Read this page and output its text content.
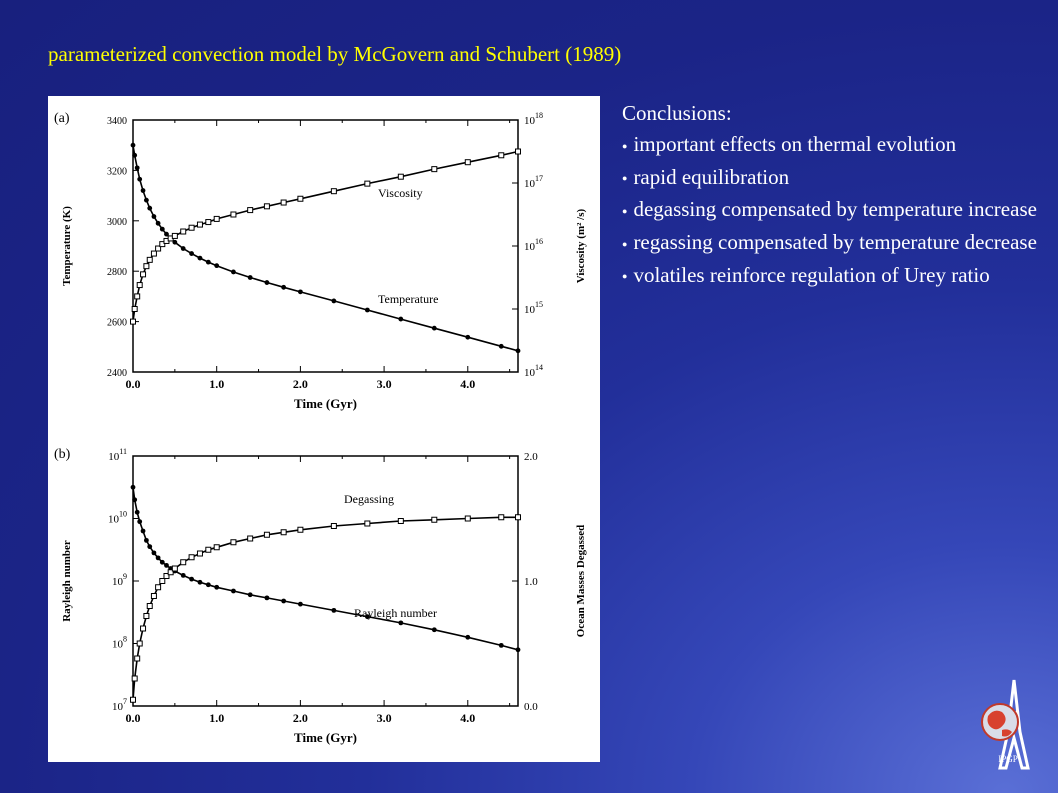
parameterized convection model by McGovern and Schubert (1989)
(a)
0.0	1.0	2.0	3.0	4.0
Time (Gyr)
2400
2600
2800
3000
3200
3400
$10^{14}$
$10^{15}$
$10^{16}$
$10^{17}$
$10^{18}$
Temperature (K)	Viscosity (m² /s)
Viscosity
Temperature
(b)
0.0	1.0	2.0	3.0	4.0
Time (Gyr)
$10^7$
$10^8$
$10^9$
$10^{10}$
$10^{11}$
0.0
1.0
2.0
Rayleigh number	Ocean Masses Degassed
Degassing
Rayleigh number

Conclusions:

● important effects on thermal evolution
● rapid equilibration
● degassing compensated by temperature increase
● regassing compensated by temperature decrease
● volatiles reinforce regulation of Urey ratio
IPGP
